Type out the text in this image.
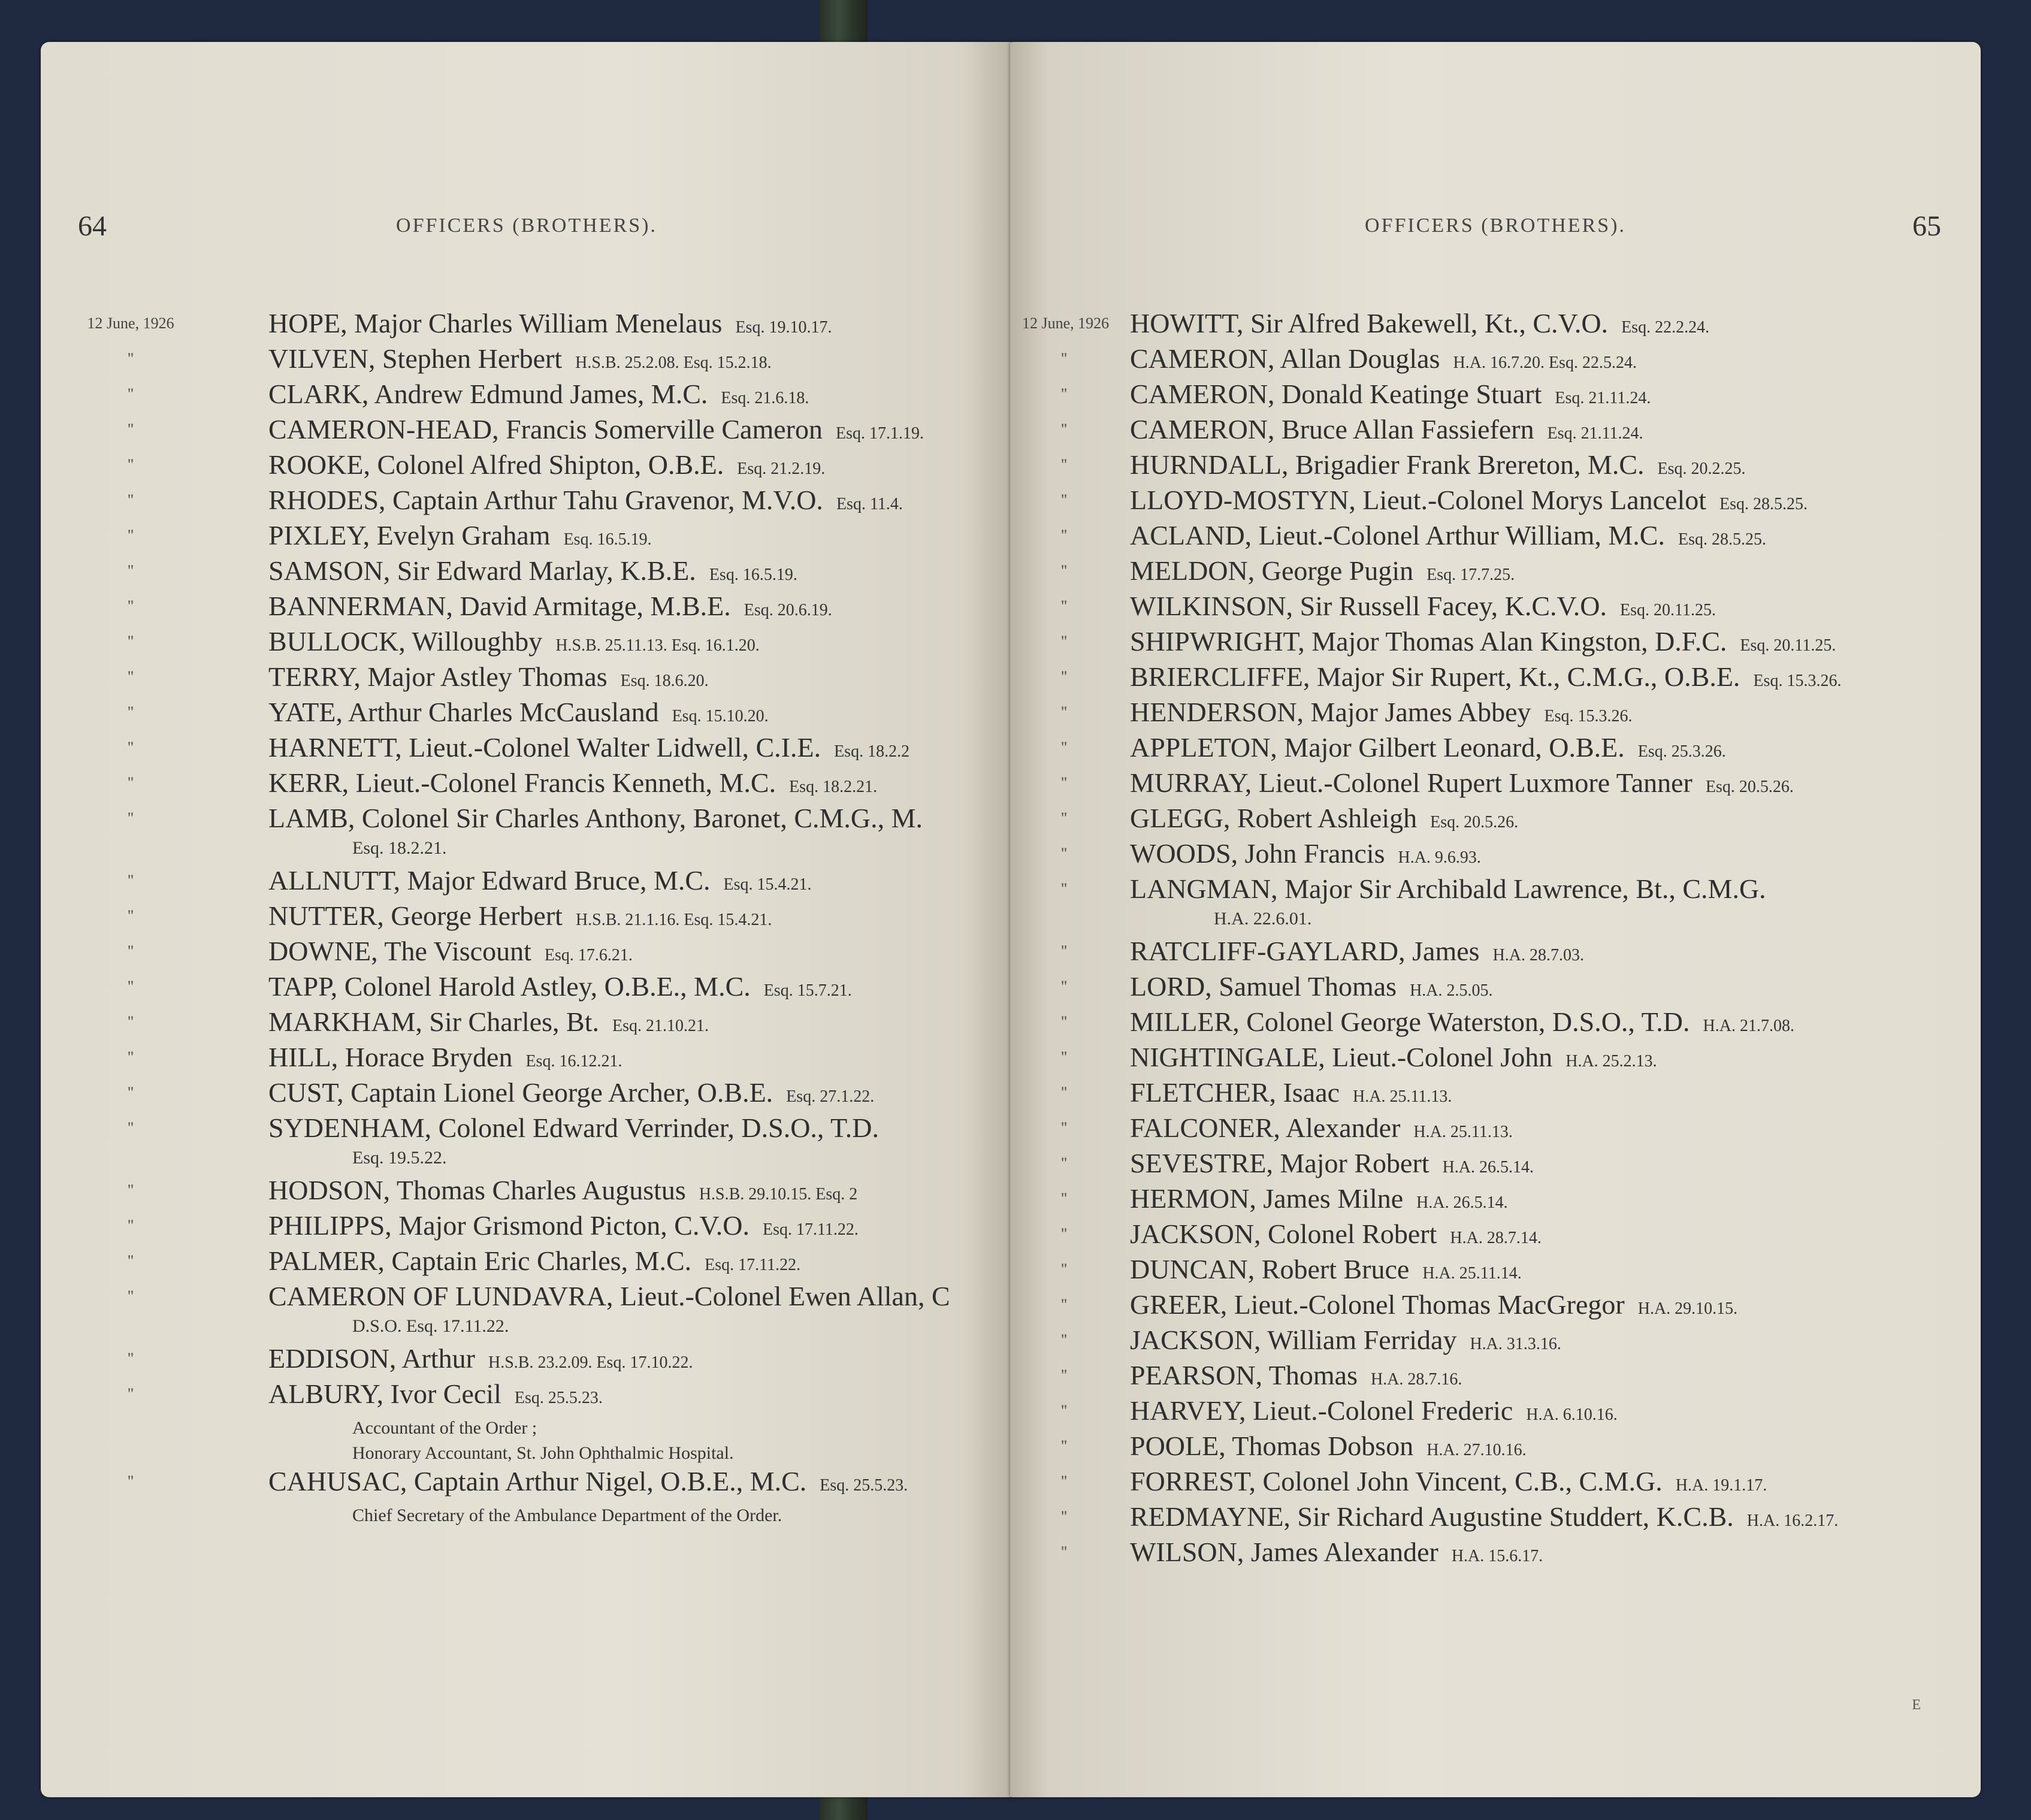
64	OFFICERS (BROTHERS).
12 June, 1926	HOPE, Major Charles William Menelaus Esq. 19.10.17.
"	VILVEN, Stephen Herbert H.S.B. 25.2.08. Esq. 15.2.18.
"	CLARK, Andrew Edmund James, M.C. Esq. 21.6.18.
"	CAMERON-HEAD, Francis Somerville Cameron Esq. 17.1.19.
"	ROOKE, Colonel Alfred Shipton, O.B.E. Esq. 21.2.19.
"	RHODES, Captain Arthur Tahu Gravenor, M.V.O. Esq. 11.4.
"	PIXLEY, Evelyn Graham Esq. 16.5.19.
"	SAMSON, Sir Edward Marlay, K.B.E. Esq. 16.5.19.
"	BANNERMAN, David Armitage, M.B.E. Esq. 20.6.19.
"	BULLOCK, Willoughby H.S.B. 25.11.13. Esq. 16.1.20.
"	TERRY, Major Astley Thomas Esq. 18.6.20.
"	YATE, Arthur Charles McCausland Esq. 15.10.20.
"	HARNETT, Lieut.-Colonel Walter Lidwell, C.I.E. Esq. 18.2.2
"	KERR, Lieut.-Colonel Francis Kenneth, M.C. Esq. 18.2.21.
"	LAMB, Colonel Sir Charles Anthony, Baronet, C.M.G., M.
Esq. 18.2.21.
"	ALLNUTT, Major Edward Bruce, M.C. Esq. 15.4.21.
"	NUTTER, George Herbert H.S.B. 21.1.16. Esq. 15.4.21.
"	DOWNE, The Viscount Esq. 17.6.21.
"	TAPP, Colonel Harold Astley, O.B.E., M.C. Esq. 15.7.21.
"	MARKHAM, Sir Charles, Bt. Esq. 21.10.21.
"	HILL, Horace Bryden Esq. 16.12.21.
"	CUST, Captain Lionel George Archer, O.B.E. Esq. 27.1.22.
"	SYDENHAM, Colonel Edward Verrinder, D.S.O., T.D.
Esq. 19.5.22.
"	HODSON, Thomas Charles Augustus H.S.B. 29.10.15. Esq. 2
"	PHILIPPS, Major Grismond Picton, C.V.O. Esq. 17.11.22.
"	PALMER, Captain Eric Charles, M.C. Esq. 17.11.22.
"	CAMERON OF LUNDAVRA, Lieut.-Colonel Ewen Allan, C
D.S.O. Esq. 17.11.22.
"	EDDISON, Arthur H.S.B. 23.2.09. Esq. 17.10.22.
"	ALBURY, Ivor Cecil Esq. 25.5.23.
Accountant of the Order ;
Honorary Accountant, St. John Ophthalmic Hospital.
"	CAHUSAC, Captain Arthur Nigel, O.B.E., M.C. Esq. 25.5.23.
Chief Secretary of the Ambulance Department of the Order.
65
OFFICERS (BROTHERS).
12 June, 1926 HOWITT, Sir Alfred Bakewell, Kt., C.V.O. Esq. 22.2.24.
"	CAMERON, Allan Douglas H.A. 16.7.20. Esq. 22.5.24.
"	CAMERON, Donald Keatinge Stuart Esq. 21.11.24.
"	CAMERON, Bruce Allan Fassiefern Esq. 21.11.24.
"	HURNDALL, Brigadier Frank Brereton, M.C. Esq. 20.2.25.
"	LLOYD-MOSTYN, Lieut.-Colonel Morys Lancelot Esq. 28.5.25.
"	ACLAND, Lieut.-Colonel Arthur William, M.C. Esq. 28.5.25.
"	MELDON, George Pugin Esq. 17.7.25.
"	WILKINSON, Sir Russell Facey, K.C.V.O. Esq. 20.11.25.
"	SHIPWRIGHT, Major Thomas Alan Kingston, D.F.C. Esq. 20.11.25.
"	BRIERCLIFFE, Major Sir Rupert, Kt., C.M.G., O.B.E. Esq. 15.3.26.
"	HENDERSON, Major James Abbey Esq. 15.3.26.
"	APPLETON, Major Gilbert Leonard, O.B.E. Esq. 25.3.26.
"	MURRAY, Lieut.-Colonel Rupert Luxmore Tanner Esq. 20.5.26.
"	GLEGG, Robert Ashleigh Esq. 20.5.26.
"	WOODS, John Francis H.A. 9.6.93.
"	LANGMAN, Major Sir Archibald Lawrence, Bt., C.M.G.
H.A. 22.6.01.
"	RATCLIFF-GAYLARD, James H.A. 28.7.03.
"	LORD, Samuel Thomas H.A. 2.5.05.
"	MILLER, Colonel George Waterston, D.S.O., T.D. H.A. 21.7.08.
"	NIGHTINGALE, Lieut.-Colonel John H.A. 25.2.13.
"	FLETCHER, Isaac H.A. 25.11.13.
"	FALCONER, Alexander H.A. 25.11.13.
"	SEVESTRE, Major Robert H.A. 26.5.14.
"	HERMON, James Milne H.A. 26.5.14.
"	JACKSON, Colonel Robert H.A. 28.7.14.
"	DUNCAN, Robert Bruce H.A. 25.11.14.
"	GREER, Lieut.-Colonel Thomas MacGregor H.A. 29.10.15.
"	JACKSON, William Ferriday H.A. 31.3.16.
"	PEARSON, Thomas H.A. 28.7.16.
"	HARVEY, Lieut.-Colonel Frederic H.A. 6.10.16.
"	POOLE, Thomas Dobson H.A. 27.10.16.
"	FORREST, Colonel John Vincent, C.B., C.M.G. H.A. 19.1.17.
"	REDMAYNE, Sir Richard Augustine Studdert, K.C.B. H.A. 16.2.17.
"	WILSON, James Alexander H.A. 15.6.17.
E
